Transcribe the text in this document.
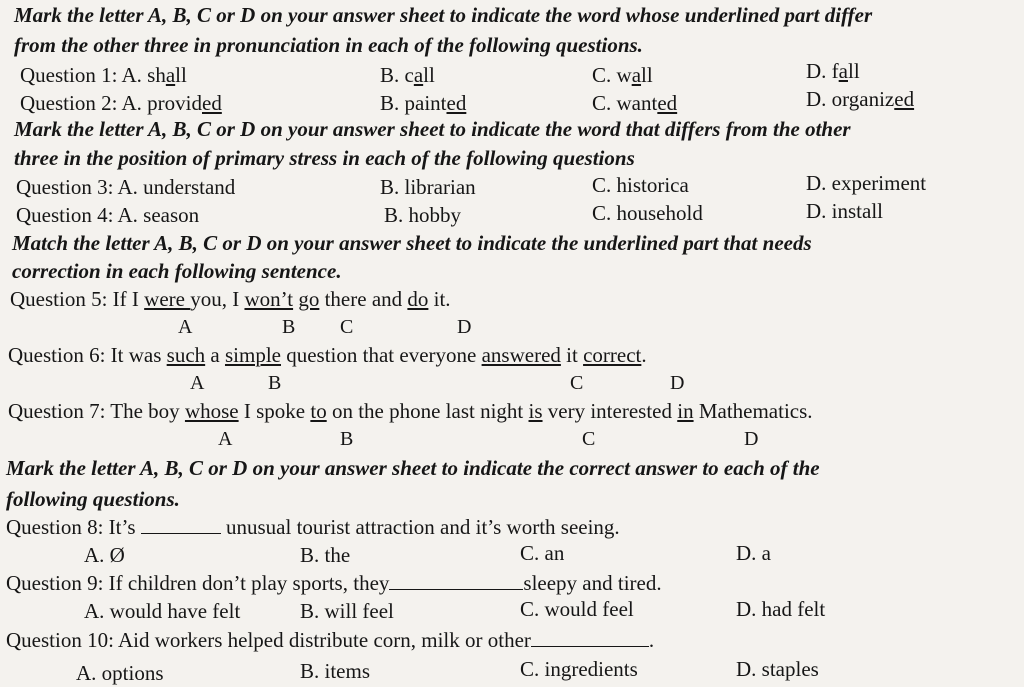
Mark the letter A, B, C or D on your answer sheet to indicate the word whose underlined part differ
from the other three in pronunciation in each of the following questions.
Question 1: A. shall	B. call	C. wall	D. fall
Question 2: A. provided	B. painted	C. wanted	D. organized
Mark the letter A, B, C or D on your answer sheet to indicate the word that differs from the other
three in the position of primary stress in each of the following questions
Question 3: A. understand	B. librarian	C. historica	D. experiment
Question 4: A. season	B. hobby	C. household	D. install
Match the letter A, B, C or D on your answer sheet to indicate the underlined part that needs
correction in each following sentence.
Question 5: If I were you, I won’t go there and do it.
A	B C	D
Question 6: It was such a simple question that everyone answered it correct.
A	B	C	D
Question 7: The boy whose I spoke to on the phone last night is very interested in Mathematics.
A	B	C	D
Mark the letter A, B, C or D on your answer sheet to indicate the correct answer to each of the
following questions.
Question 8: It’s	unusual tourist attraction and it’s worth seeing.
A. Ø	B. the	C. an	D. a
Question 9: If children don’t play sports, they	sleepy and tired.
A. would have felt	B. will feel	C. would feel	D. had felt
Question 10: Aid workers helped distribute corn, milk or other	.
A. options	B. items	C. ingredients	D. staples
